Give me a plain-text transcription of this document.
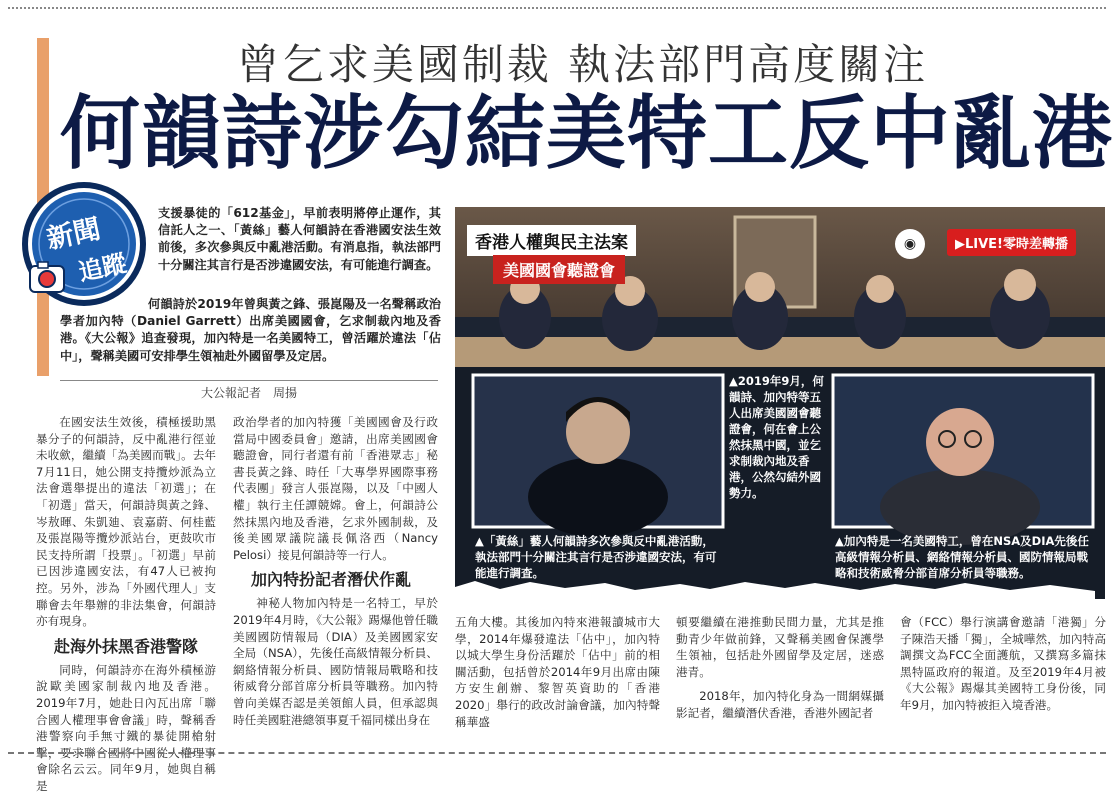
曾乞求美國制裁 執法部門高度關注
何韻詩涉勾結美特工反中亂港
新聞
追蹤
支援暴徒的「612基金」，早前表明將停止運作，其信託人之一、「黃絲」藝人何韻詩在香港國安法生效前後，多次參與反中亂港活動。有消息指，執法部門十分關注其言行是否涉違國安法，有可能進行調查。
何韻詩於2019年曾與黃之鋒、張崑陽及一名聲稱政治學者加內特（Daniel Garrett）出席美國國會，乞求制裁內地及香港。《大公報》追查發現，加內特是一名美國特工，曾活躍於違法「佔中」，聲稱美國可安排學生領袖赴外國留學及定居。
大公報記者　周揚

在國安法生效後，積極援助黑暴分子的何韻詩，反中亂港行徑並未收歛，繼續「為美國而戰」。去年7月11日，她公開支持攬炒派為立法會選舉提出的違法「初選」；在「初選」當天，何韻詩與黃之鋒、岑敖暉、朱凱廸、袁嘉蔚、何桂藍及張崑陽等攬炒派站台，更鼓吹市民支持所謂「投票」。「初選」早前已因涉違國安法，有47人已被拘控。另外，涉為「外國代理人」支聯會去年舉辦的非法集會，何韻詩亦有現身。

赴海外抹黑香港警隊

同時，何韻詩亦在海外積極游說歐美國家制裁內地及香港。2019年7月，她赴日內瓦出席「聯合國人權理事會會議」時，聲稱香港警察向手無寸鐵的暴徒開槍射擊，要求聯合國將中國從人權理事會除名云云。同年9月，她與自稱是

政治學者的加內特獲「美國國會及行政當局中國委員會」邀請，出席美國國會聽證會，同行者還有前「香港眾志」秘書長黃之鋒、時任「大專學界國際事務代表團」發言人張崑陽，以及「中國人權」執行主任譚競嫦。會上，何韻詩公然抹黑內地及香港，乞求外國制裁，及後美國眾議院議長佩洛西（Nancy Pelosi）接見何韻詩等一行人。

加內特扮記者潛伏作亂

神秘人物加內特是一名特工，早於2019年4月時，《大公報》踢爆他曾任職美國國防情報局（DIA）及美國國家安全局（NSA），先後任高級情報分析員、網絡情報分析員、國防情報局戰略和技術威脅分部首席分析員等職務。加內特曾向美媒否認是美領館人員，但承認與時任美國駐港總領事夏千福同樣出身在

香港人權與民主法案
美國國會聽證會
▶LIVE!零時差轉播
◉
▲2019年9月，何韻詩、加內特等五人出席美國國會聽證會，何在會上公然抹黑中國，並乞求制裁內地及香港，公然勾結外國勢力。
▲「黃絲」藝人何韻詩多次參與反中亂港活動，執法部門十分關注其言行是否涉違國安法，有可能進行調查。
▲加內特是一名美國特工，曾在NSA及DIA先後任高級情報分析員、網絡情報分析員、國防情報局戰略和技術威脅分部首席分析員等職務。

五角大樓。其後加內特來港報讀城市大學，2014年爆發違法「佔中」，加內特以城大學生身份活躍於「佔中」前的相關活動，包括曾於2014年9月出席由陳方安生創辦、黎智英資助的「香港2020」舉行的政改討論會議，加內特聲稱華盛

頓要繼續在港推動民間力量，尤其是推動青少年做前鋒，又聲稱美國會保護學生領袖，包括赴外國留學及定居，迷惑港青。

2018年，加內特化身為一間網媒攝影記者，繼續潛伏香港，香港外國記者

會（FCC）舉行演講會邀請「港獨」分子陳浩天播「獨」，全城嘩然，加內特高調撰文為FCC全面護航，又撰寫多篇抹黑特區政府的報道。及至2019年4月被《大公報》踢爆其美國特工身份後，同年9月，加內特被拒入境香港。
